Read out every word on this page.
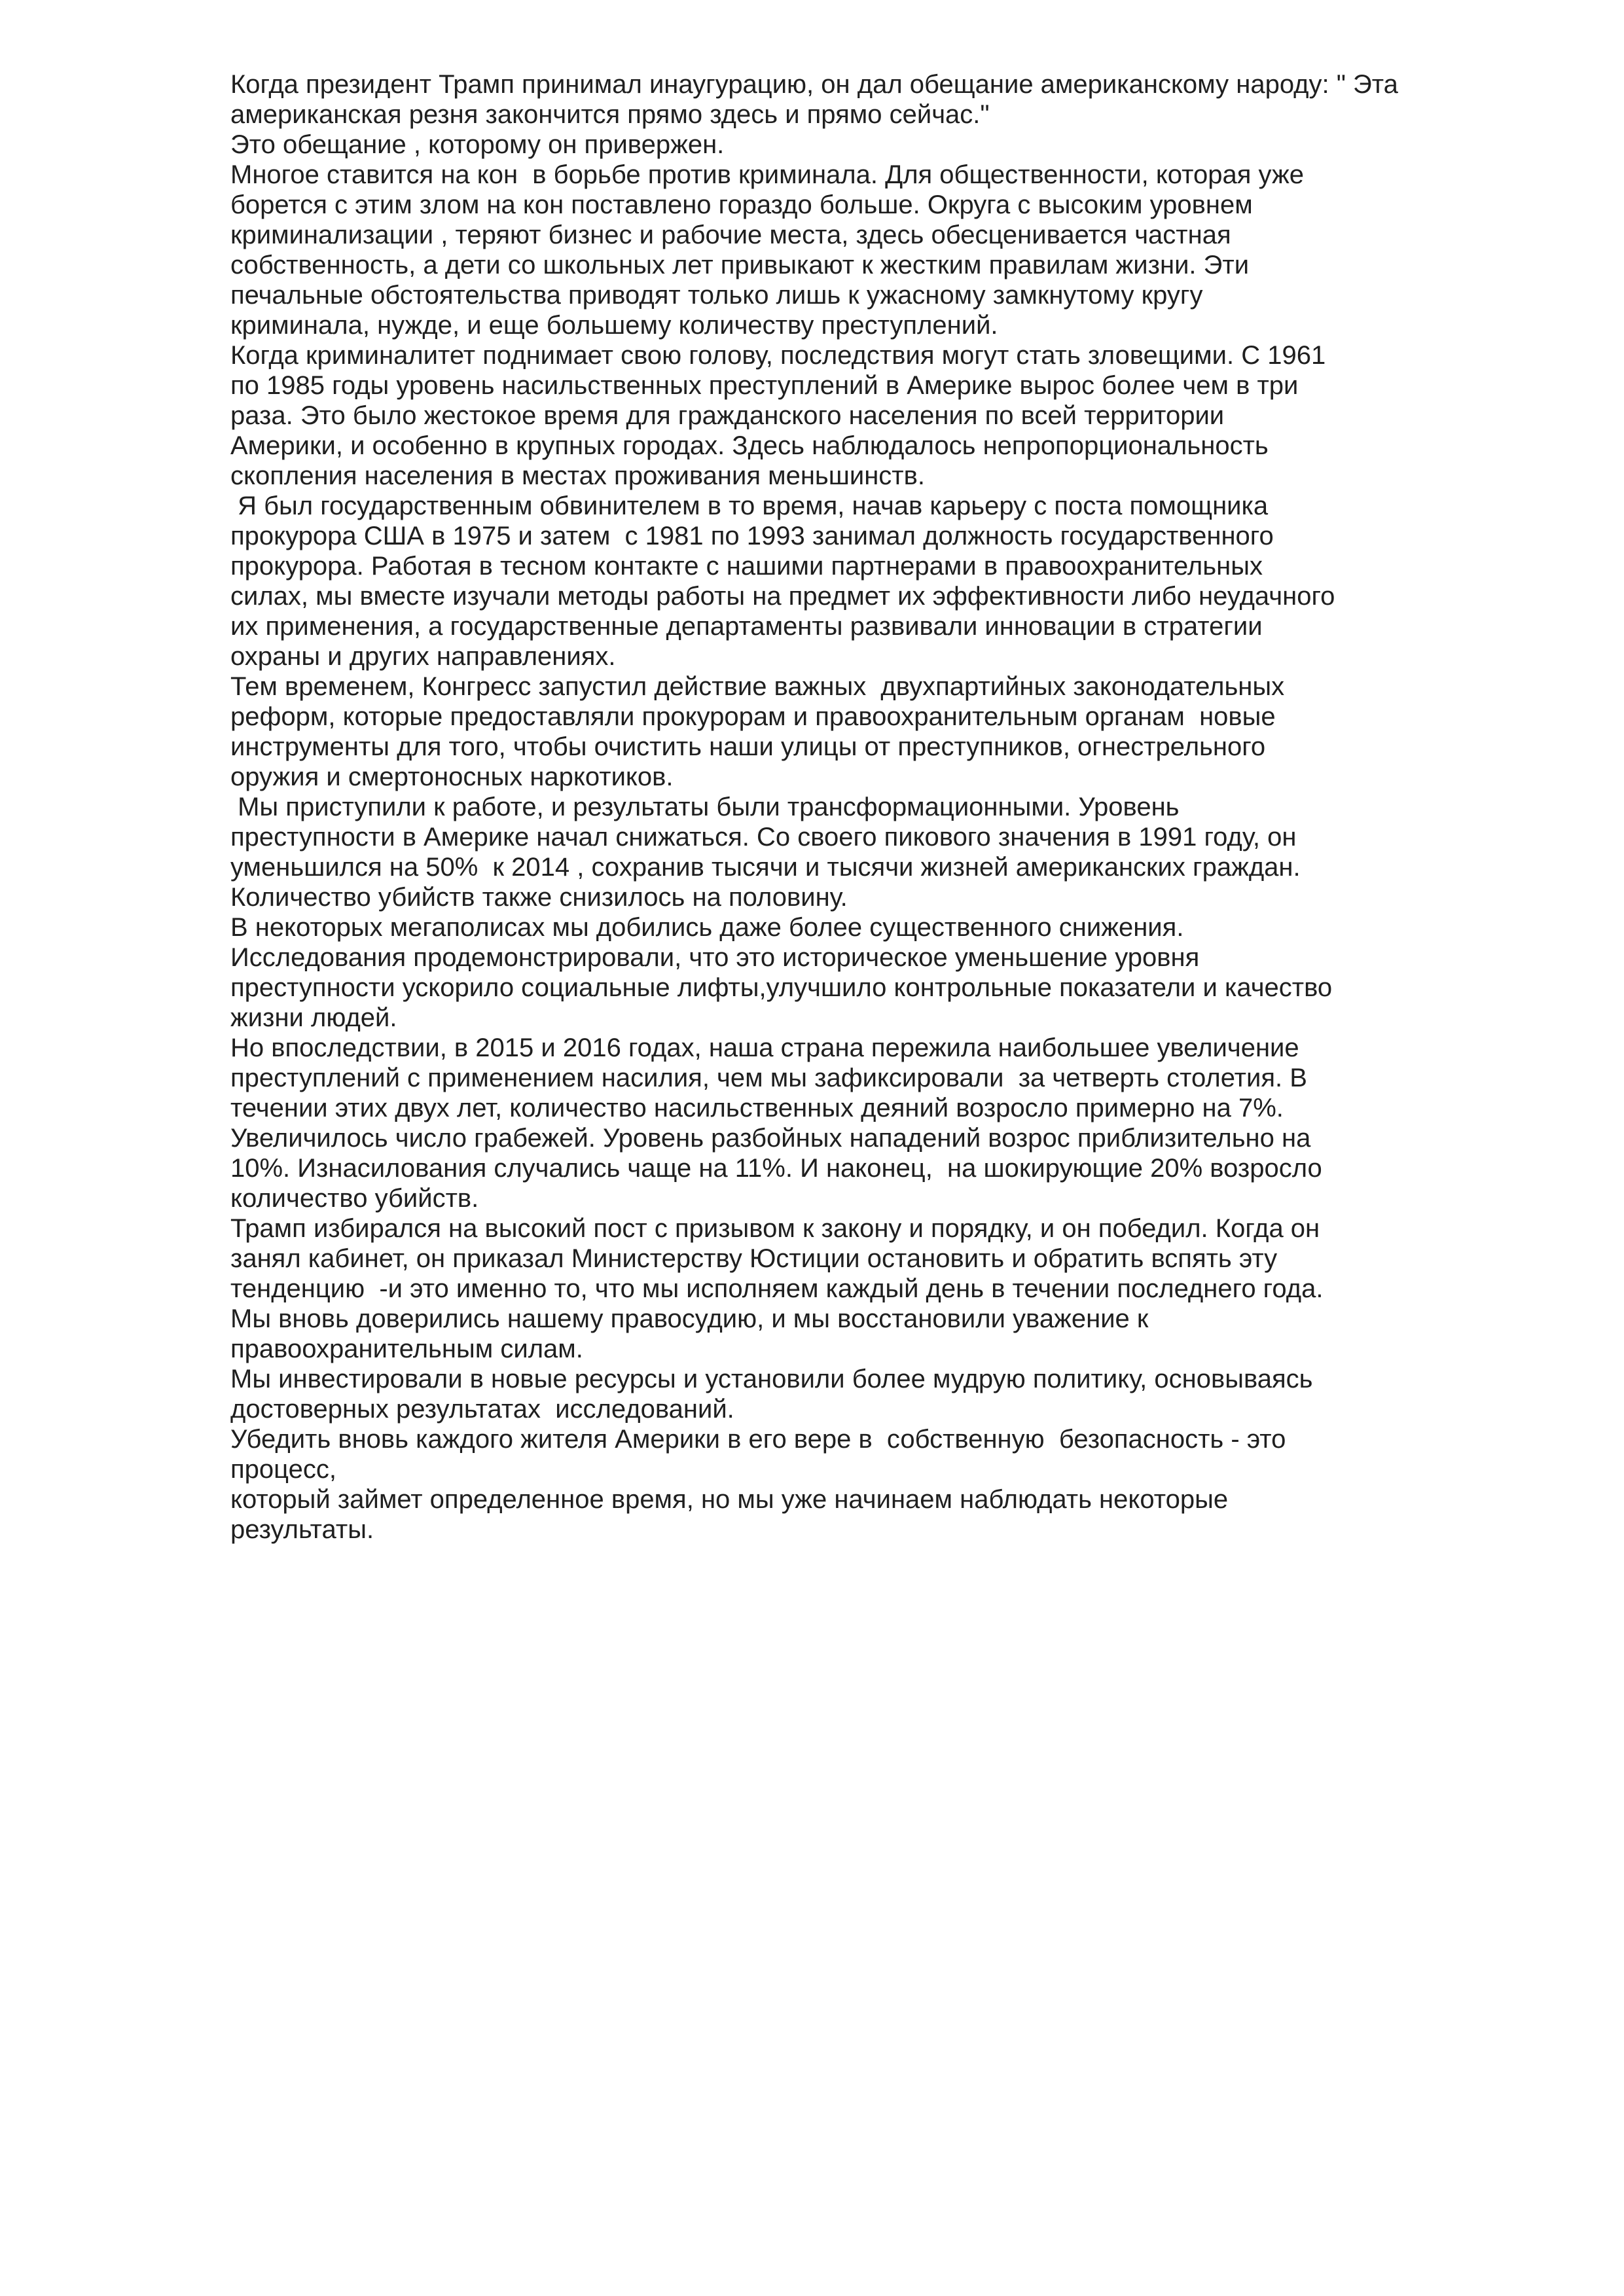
Когда президент Трамп принимал инаугурацию, он дал обещание американскому народу: " Эта
американская резня закончится прямо здесь и прямо сейчас."
Это обещание , которому он привержен.
Многое ставится на кон  в борьбе против криминала. Для общественности, которая уже
борется с этим злом на кон поставлено гораздо больше. Округа с высоким уровнем
криминализации , теряют бизнес и рабочие места, здесь обесценивается частная
собственность, а дети со школьных лет привыкают к жестким правилам жизни. Эти
печальные обстоятельства приводят только лишь к ужасному замкнутому кругу
криминала, нужде, и еще большему количеству преступлений.
Когда криминалитет поднимает свою голову, последствия могут стать зловещими. С 1961
по 1985 годы уровень насильственных преступлений в Америке вырос более чем в три
раза. Это было жестокое время для гражданского населения по всей территории
Америки, и особенно в крупных городах. Здесь наблюдалось непропорциональность
скопления населения в местах проживания меньшинств.
Я был государственным обвинителем в то время, начав карьеру с поста помощника
прокурора США в 1975 и затем  с 1981 по 1993 занимал должность государственного
прокурора. Работая в тесном контакте с нашими партнерами в правоохранительных
силах, мы вместе изучали методы работы на предмет их эффективности либо неудачного
их применения, а государственные департаменты развивали инновации в стратегии
охраны и других направлениях.
Тем временем, Конгресс запустил действие важных  двухпартийных законодательных
реформ, которые предоставляли прокурорам и правоохранительным органам  новые
инструменты для того, чтобы очистить наши улицы от преступников, огнестрельного
оружия и смертоносных наркотиков.
Мы приступили к работе, и результаты были трансформационными. Уровень
преступности в Америке начал снижаться. Со своего пикового значения в 1991 году, он
уменьшился на 50%  к 2014 , сохранив тысячи и тысячи жизней американских граждан.
Количество убийств также снизилось на половину.
В некоторых мегаполисах мы добились даже более существенного снижения.
Исследования продемонстрировали, что это историческое уменьшение уровня
преступности ускорило социальные лифты,улучшило контрольные показатели и качество
жизни людей.
Но впоследствии, в 2015 и 2016 годах, наша страна пережила наибольшее увеличение
преступлений с применением насилия, чем мы зафиксировали  за четверть столетия. В
течении этих двух лет, количество насильственных деяний возросло примерно на 7%.
Увеличилось число грабежей. Уровень разбойных нападений возрос приблизительно на
10%. Изнасилования случались чаще на 11%. И наконец,  на шокирующие 20% возросло
количество убийств.
Трамп избирался на высокий пост с призывом к закону и порядку, и он победил. Когда он
занял кабинет, он приказал Министерству Юстиции остановить и обратить вспять эту
тенденцию  -и это именно то, что мы исполняем каждый день в течении последнего года.
Мы вновь доверились нашему правосудию, и мы восстановили уважение к
правоохранительным силам.
Мы инвестировали в новые ресурсы и установили более мудрую политику, основываясь
достоверных результатах  исследований.
Убедить вновь каждого жителя Америки в его вере в  собственную  безопасность - это
процесс,
который займет определенное время, но мы уже начинаем наблюдать некоторые
результаты.
